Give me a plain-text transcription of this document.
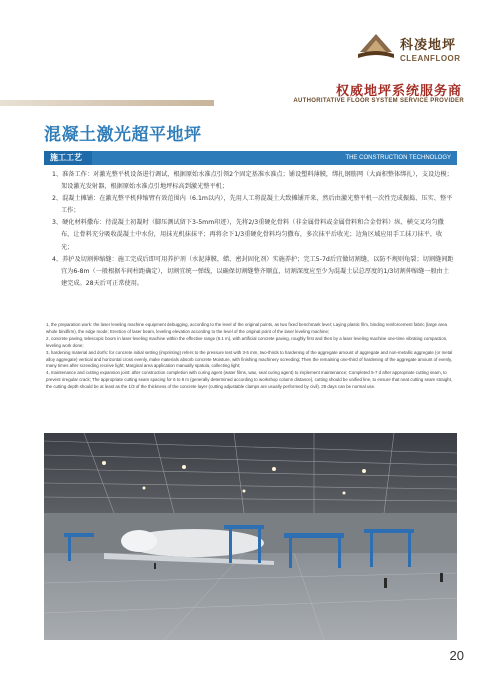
科凌地坪
CLEANFLOOR
权威地坪系统服务商
AUTHORITATIVE FLOOR SYSTEM SERVICE PROVIDER
混凝土激光超平地坪
施工工艺	THE CONSTRUCTION TECHNOLOGY
1、准备工作：对激光整平机设备进行调试，根据原始水准点引领2个固定基准水准点；铺设塑料薄膜，绑扎钢筋网（大面积整体绑扎），支设边模；架设激光发射器，根据原始水准点引地坪标高到激光整平机；
2、混凝土摊铺：在激光整平机伸缩臂有效范围内（6.1m以内），先用人工将混凝土大致摊铺开来，然后由激光整平机一次性完成振捣、压实、整平工作；
3、硬化材料撒布：待混凝土初凝时（脚压测试留下3-5mm印迹），先将2/3重硬化骨料（非金属骨料或金属骨料和合金骨料）纵、横交叉均匀撒布，让骨料充分吸收混凝土中水份，用抹光机抹抹平；再将余下1/3重硬化骨料均匀撒布，多次抹平后收光；边角区域应用手工抹刀抹平，收光；
4、养护及切割伸缩缝：施工完成后即可用养护剂（水泥薄膜、蜡、密封固化剂）实施养护；完工5-7d后宜做切割缝，以防不规则龟裂；切割缝间距宜为6-8m（一般根据车间柱距确定），切割宜统一弹线，以确保切割缝整齐顺直，切割深度应至少为混凝土层总厚度的1/3切割伸缩缝一般由土建完成。28天后可正常使用。

1, the preparation work: the laser leveling machine equipment debugging, according to the level of the original points, as two fixed benchmark level; Laying plastic film, binding reinforcement fabric (large area whole bindfirm), the edge mode; Erection of laser beam, leveling elevation according to the level of the original point of the laser leveling machine;

2, concrete paving, telescopic boom in laser leveling machine within the effective range (6.1 m), with artificial concrete paving, roughly first and then by a laser leveling machine one-time vibrating compaction, leveling work done;

3, hardening material and dorfs: for concrete initial setting (imprinting) refers to the pressure test with 3-5 mm, two-thirds to hardening of the aggregate amount of aggregate and non-metallic aggregate (or metal alloy aggregate) vertical and horizontal cross evenly, make materials absorb concrete Moisture, with finishing machinery screeding; Then the remaining one-third of hardening of the aggregate amount of evenly, many times after screeding receive light; Marginal area application manually spatula, collecting light;

4, maintenance and cutting expansion joint: after construction completion with curing agent (water films, wax, seal curing agent) to implement maintenance; Completed 5-7 d after appropriate cutting seam, to prevent irregular crack; The appropriate cutting seam spacing for 6 to 8 m (generally determined according to workshop column distance), cutting should be unified line, to ensure that neat cutting seam straight, the cutting depth should be at least as the 1/3 of the thickness of the concrete layer (cutting adjustable clamps are usually performed by civil). 28 days can be normal use.

20
